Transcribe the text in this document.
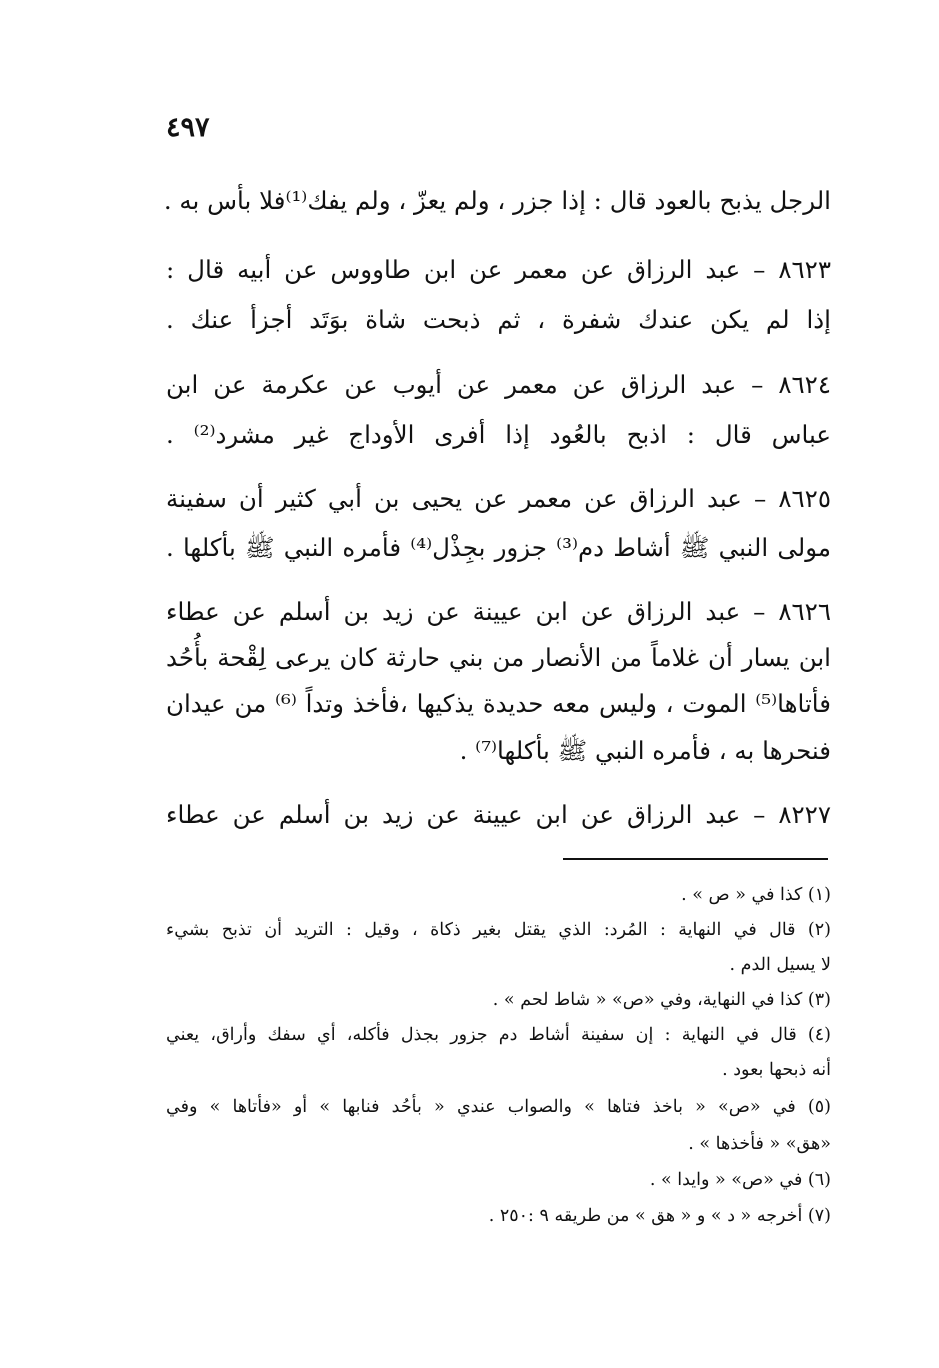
٤٩٧
الرجل يذبح بالعود قال : إذا جزر ، ولم يعزّ ، ولم يفك⁽¹⁾فلا بأس به .
٨٦٢٣ – عبد الرزاق عن معمر عن ابن طاووس عن أبيه قال :
إذا لم يكن عندك شفرة ، ثم ذبحت شاة بوَتَد أجزأ عنك .
٨٦٢٤ – عبد الرزاق عن معمر عن أيوب عن عكرمة عن ابن
عباس قال : اذبح بالعُود إذا أفرى الأوداج غير مشرد⁽²⁾ .
٨٦٢٥ – عبد الرزاق عن معمر عن يحيى بن أبي كثير أن سفينة
مولى النبي ﷺ أشاط دم⁽³⁾ جزور بجِذْل⁽⁴⁾ فأمره النبي ﷺ بأكلها .
٨٦٢٦ – عبد الرزاق عن ابن عيينة عن زيد بن أسلم عن عطاء
ابن يسار أن غلاماً من الأنصار من بني حارثة كان يرعى لِقْحة بأُحُد
فأتاها⁽⁵⁾ الموت ، وليس معه حديدة يذكيها ،فأخذ وتداً ⁽⁶⁾ من عيدان
فنحرها به ، فأمره النبي ﷺ بأكلها⁽⁷⁾ .
٨٢٢٧ – عبد الرزاق عن ابن عيينة عن زيد بن أسلم عن عطاء
(١) كذا في « ص » .
(٢) قال في النهاية : المُرد: الذي يقتل بغير ذكاة ، وقيل : التريد أن تذبح بشيء
لا يسيل الدم .
(٣) كذا في النهاية، وفي «ص» « شاط لحم » .
(٤) قال في النهاية : إن سفينة أشاط دم جزور بجذل فأكله، أي سفك وأراق، يعني
أنه ذبحها بعود .
(٥) في «ص» « باخذ فتاها » والصواب عندي « بأحُد فنابها » أو «فأتاها » وفي
«هق» « فأخذها » .
(٦) في «ص» « وايدا » .
(٧) أخرجه « د » و « هق » من طريقه ٩ :٢٥٠ .
